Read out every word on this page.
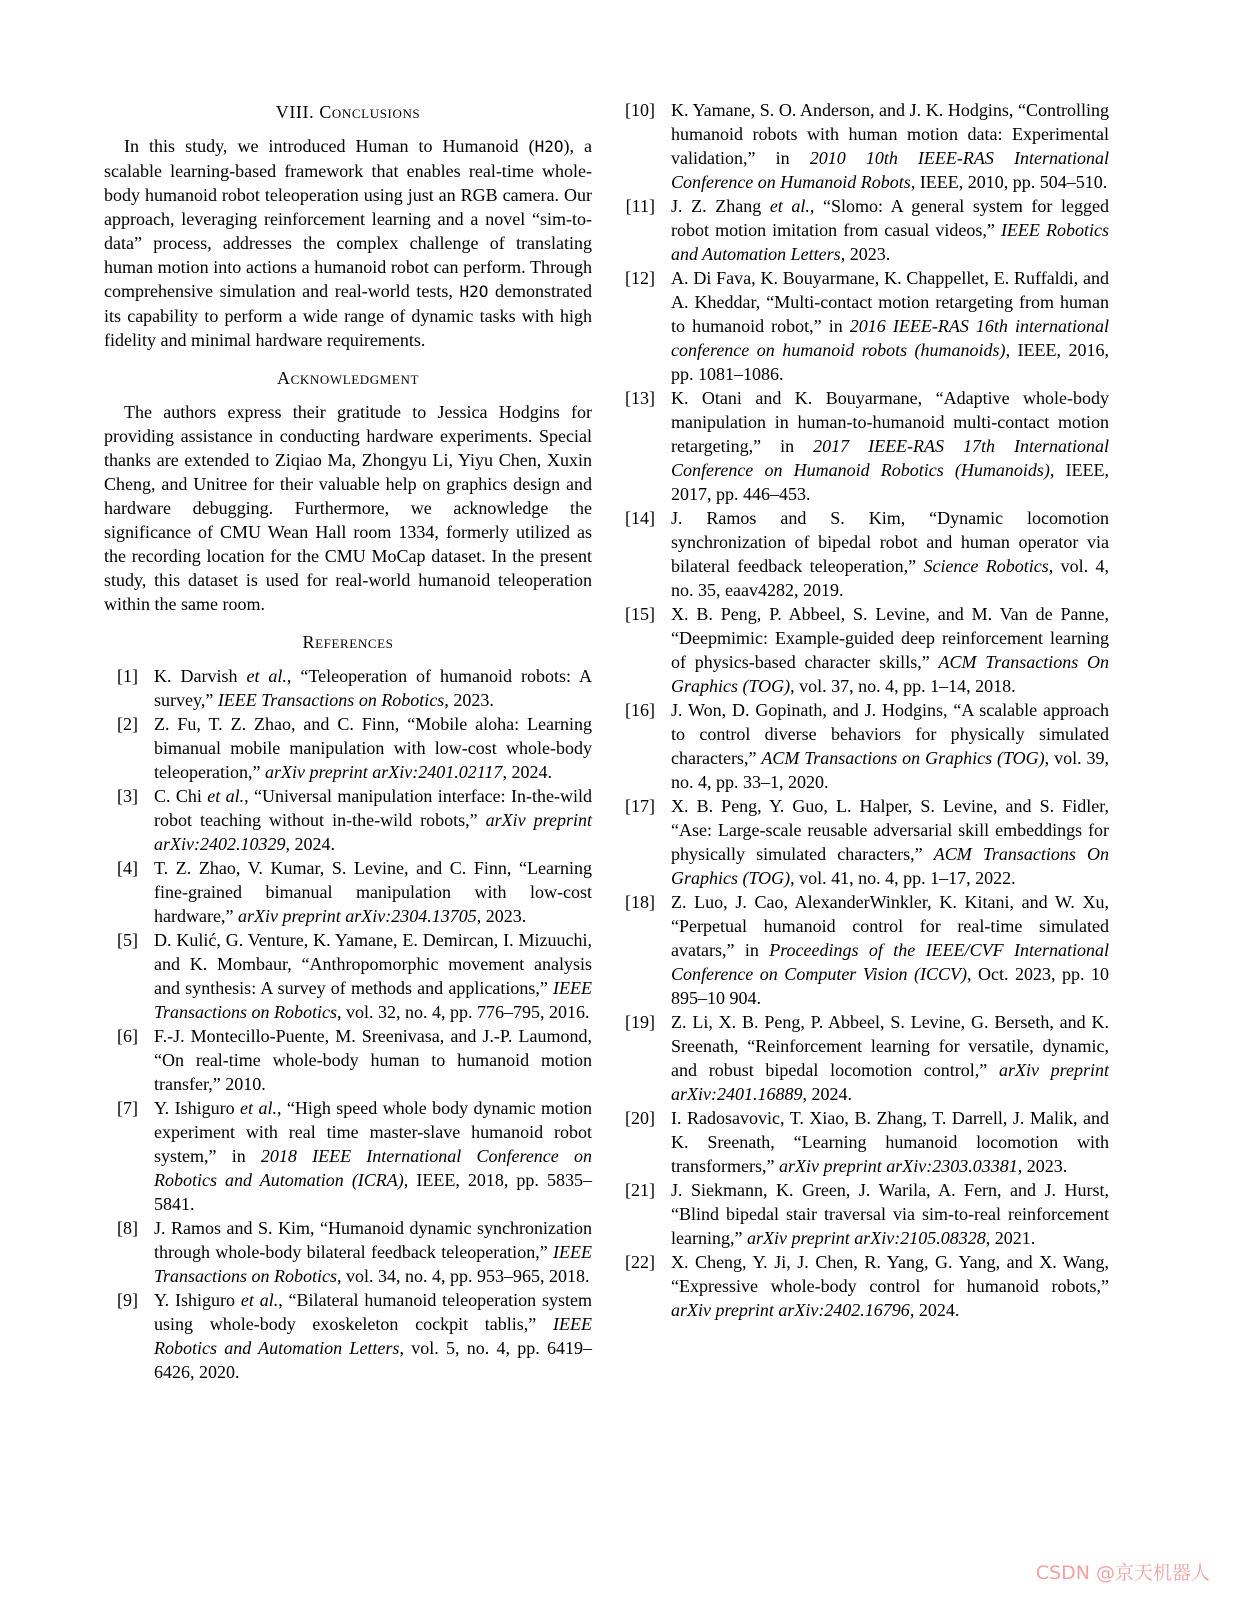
VIII. Conclusions

In this study, we introduced Human to Humanoid (H2O), a scalable learning-based framework that enables real-time whole-body humanoid robot teleoperation using just an RGB camera. Our approach, leveraging reinforcement learning and a novel “sim-to-data” process, addresses the complex challenge of translating human motion into actions a humanoid robot can perform. Through comprehensive simulation and real-world tests, H2O demonstrated its capability to perform a wide range of dynamic tasks with high fidelity and minimal hardware requirements.

Acknowledgment

The authors express their gratitude to Jessica Hodgins for providing assistance in conducting hardware experiments. Special thanks are extended to Ziqiao Ma, Zhongyu Li, Yiyu Chen, Xuxin Cheng, and Unitree for their valuable help on graphics design and hardware debugging. Furthermore, we acknowledge the significance of CMU Wean Hall room 1334, formerly utilized as the recording location for the CMU MoCap dataset. In the present study, this dataset is used for real-world humanoid teleoperation within the same room.

References

[1] K. Darvish et al., “Teleoperation of humanoid robots: A survey,” IEEE Transactions on Robotics, 2023.

[2] Z. Fu, T. Z. Zhao, and C. Finn, “Mobile aloha: Learning bimanual mobile manipulation with low-cost whole-body teleoperation,” arXiv preprint arXiv:2401.02117, 2024.

[3] C. Chi et al., “Universal manipulation interface: In-the-wild robot teaching without in-the-wild robots,” arXiv preprint arXiv:2402.10329, 2024.

[4] T. Z. Zhao, V. Kumar, S. Levine, and C. Finn, “Learning fine-grained bimanual manipulation with low-cost hardware,” arXiv preprint arXiv:2304.13705, 2023.

[5] D. Kulić, G. Venture, K. Yamane, E. Demircan, I. Mizuuchi, and K. Mombaur, “Anthropomorphic movement analysis and synthesis: A survey of methods and applications,” IEEE Transactions on Robotics, vol. 32, no. 4, pp. 776–795, 2016.

[6] F.-J. Montecillo-Puente, M. Sreenivasa, and J.-P. Laumond, “On real-time whole-body human to humanoid motion transfer,” 2010.

[7] Y. Ishiguro et al., “High speed whole body dynamic motion experiment with real time master-slave humanoid robot system,” in 2018 IEEE International Conference on Robotics and Automation (ICRA), IEEE, 2018, pp. 5835–5841.

[8] J. Ramos and S. Kim, “Humanoid dynamic synchronization through whole-body bilateral feedback teleoperation,” IEEE Transactions on Robotics, vol. 34, no. 4, pp. 953–965, 2018.

[9] Y. Ishiguro et al., “Bilateral humanoid teleoperation system using whole-body exoskeleton cockpit tablis,” IEEE Robotics and Automation Letters, vol. 5, no. 4, pp. 6419–6426, 2020.

[10] K. Yamane, S. O. Anderson, and J. K. Hodgins, “Controlling humanoid robots with human motion data: Experimental validation,” in 2010 10th IEEE-RAS International Conference on Humanoid Robots, IEEE, 2010, pp. 504–510.

[11] J. Z. Zhang et al., “Slomo: A general system for legged robot motion imitation from casual videos,” IEEE Robotics and Automation Letters, 2023.

[12] A. Di Fava, K. Bouyarmane, K. Chappellet, E. Ruffaldi, and A. Kheddar, “Multi-contact motion retargeting from human to humanoid robot,” in 2016 IEEE-RAS 16th international conference on humanoid robots (humanoids), IEEE, 2016, pp. 1081–1086.

[13] K. Otani and K. Bouyarmane, “Adaptive whole-body manipulation in human-to-humanoid multi-contact motion retargeting,” in 2017 IEEE-RAS 17th International Conference on Humanoid Robotics (Humanoids), IEEE, 2017, pp. 446–453.

[14] J. Ramos and S. Kim, “Dynamic locomotion synchronization of bipedal robot and human operator via bilateral feedback teleoperation,” Science Robotics, vol. 4, no. 35, eaav4282, 2019.

[15] X. B. Peng, P. Abbeel, S. Levine, and M. Van de Panne, “Deepmimic: Example-guided deep reinforcement learning of physics-based character skills,” ACM Transactions On Graphics (TOG), vol. 37, no. 4, pp. 1–14, 2018.

[16] J. Won, D. Gopinath, and J. Hodgins, “A scalable approach to control diverse behaviors for physically simulated characters,” ACM Transactions on Graphics (TOG), vol. 39, no. 4, pp. 33–1, 2020.

[17] X. B. Peng, Y. Guo, L. Halper, S. Levine, and S. Fidler, “Ase: Large-scale reusable adversarial skill embeddings for physically simulated characters,” ACM Transactions On Graphics (TOG), vol. 41, no. 4, pp. 1–17, 2022.

[18] Z. Luo, J. Cao, AlexanderWinkler, K. Kitani, and W. Xu, “Perpetual humanoid control for real-time simulated avatars,” in Proceedings of the IEEE/CVF International Conference on Computer Vision (ICCV), Oct. 2023, pp. 10 895–10 904.

[19] Z. Li, X. B. Peng, P. Abbeel, S. Levine, G. Berseth, and K. Sreenath, “Reinforcement learning for versatile, dynamic, and robust bipedal locomotion control,” arXiv preprint arXiv:2401.16889, 2024.

[20] I. Radosavovic, T. Xiao, B. Zhang, T. Darrell, J. Malik, and K. Sreenath, “Learning humanoid locomotion with transformers,” arXiv preprint arXiv:2303.03381, 2023.

[21] J. Siekmann, K. Green, J. Warila, A. Fern, and J. Hurst, “Blind bipedal stair traversal via sim-to-real reinforcement learning,” arXiv preprint arXiv:2105.08328, 2021.

[22] X. Cheng, Y. Ji, J. Chen, R. Yang, G. Yang, and X. Wang, “Expressive whole-body control for humanoid robots,” arXiv preprint arXiv:2402.16796, 2024.

CSDN @京天机器人
